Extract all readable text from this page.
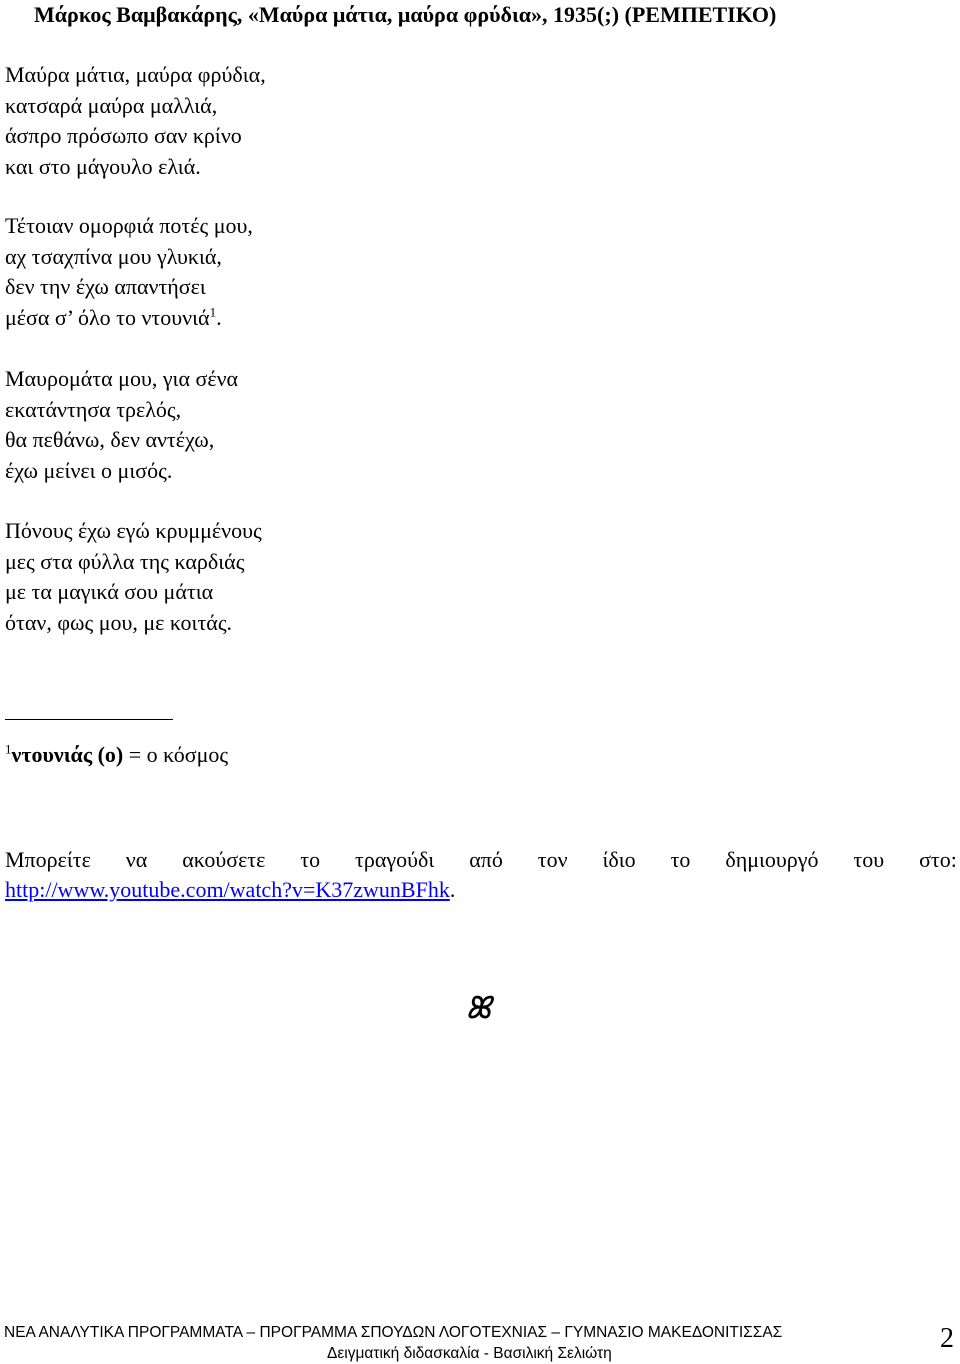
Μάρκος Βαμβακάρης, «Μαύρα μάτια, μαύρα φρύδια», 1935(;) (ΡΕΜΠΕΤΙΚΟ)
Μαύρα μάτια, μαύρα φρύδια,
κατσαρά μαύρα μαλλιά,
άσπρο πρόσωπο σαν κρίνο
και στο μάγουλο ελιά.
Τέτοιαν ομορφιά ποτές μου,
αχ τσαχπίνα μου γλυκιά,
δεν την έχω απαντήσει
μέσα σ’ όλο το ντουνιά$^1$.
Μαυρομάτα μου, για σένα
εκατάντησα τρελός,
θα πεθάνω, δεν αντέχω,
έχω μείνει ο μισός.
Πόνους έχω εγώ κρυμμένους
μες στα φύλλα της καρδιάς
με τα μαγικά σου μάτια
όταν, φως μου, με κοιτάς.
$^1$ντουνιάς (ο) = ο κόσμος
Μπορείτε να ακούσετε το τραγούδι από τον ίδιο το δημιουργό του στο:
http://www.youtube.com/watch?v=K37zwunBFhk.
ꕤ
ΝΕΑ ΑΝΑΛΥΤΙΚΑ ΠΡΟΓΡΑΜΜΑΤΑ – ΠΡΟΓΡΑΜΜΑ ΣΠΟΥΔΩΝ ΛΟΓΟΤΕΧΝΙΑΣ – ΓΥΜΝΑΣΙΟ ΜΑΚΕΔΟΝΙΤΙΣΣΑΣ
Δειγματική διδασκαλία - Βασιλική Σελιώτη	2
